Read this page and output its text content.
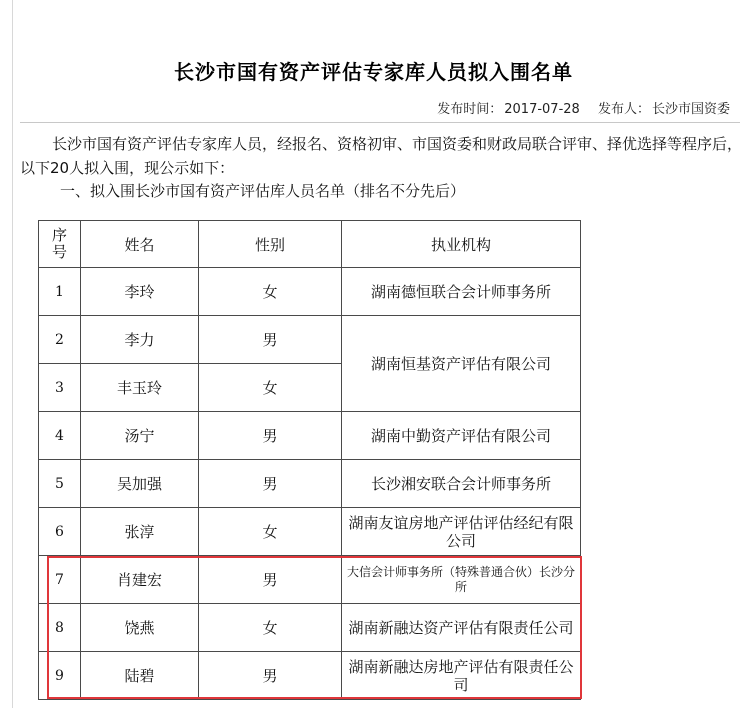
长沙市国有资产评估专家库人员拟入围名单
发布时间： 2017-07-28 发布人： 长沙市国资委
长沙市国有资产评估专家库人员，经报名、资格初审、市国资委和财政局联合评审、择优选择等程序后，以下20人拟入围，现公示如下：
一、拟入围长沙市国有资产评估库人员名单（排名不分先后）
序号	姓名	性别	执业机构
1	李玲	女	湖南德恒联合会计师事务所
2	李力	男	湖南恒基资产评估有限公司
3	丰玉玲	女	
4	汤宁	男	湖南中勤资产评估有限公司
5	吴加强	男	长沙湘安联合会计师事务所
6	张淳	女	湖南友谊房地产评估评估经纪有限公司
7	肖建宏	男	大信会计师事务所（特殊普通合伙）长沙分所
8	饶燕	女	湖南新融达资产评估有限责任公司
9	陆碧	男	湖南新融达房地产评估有限责任公司
